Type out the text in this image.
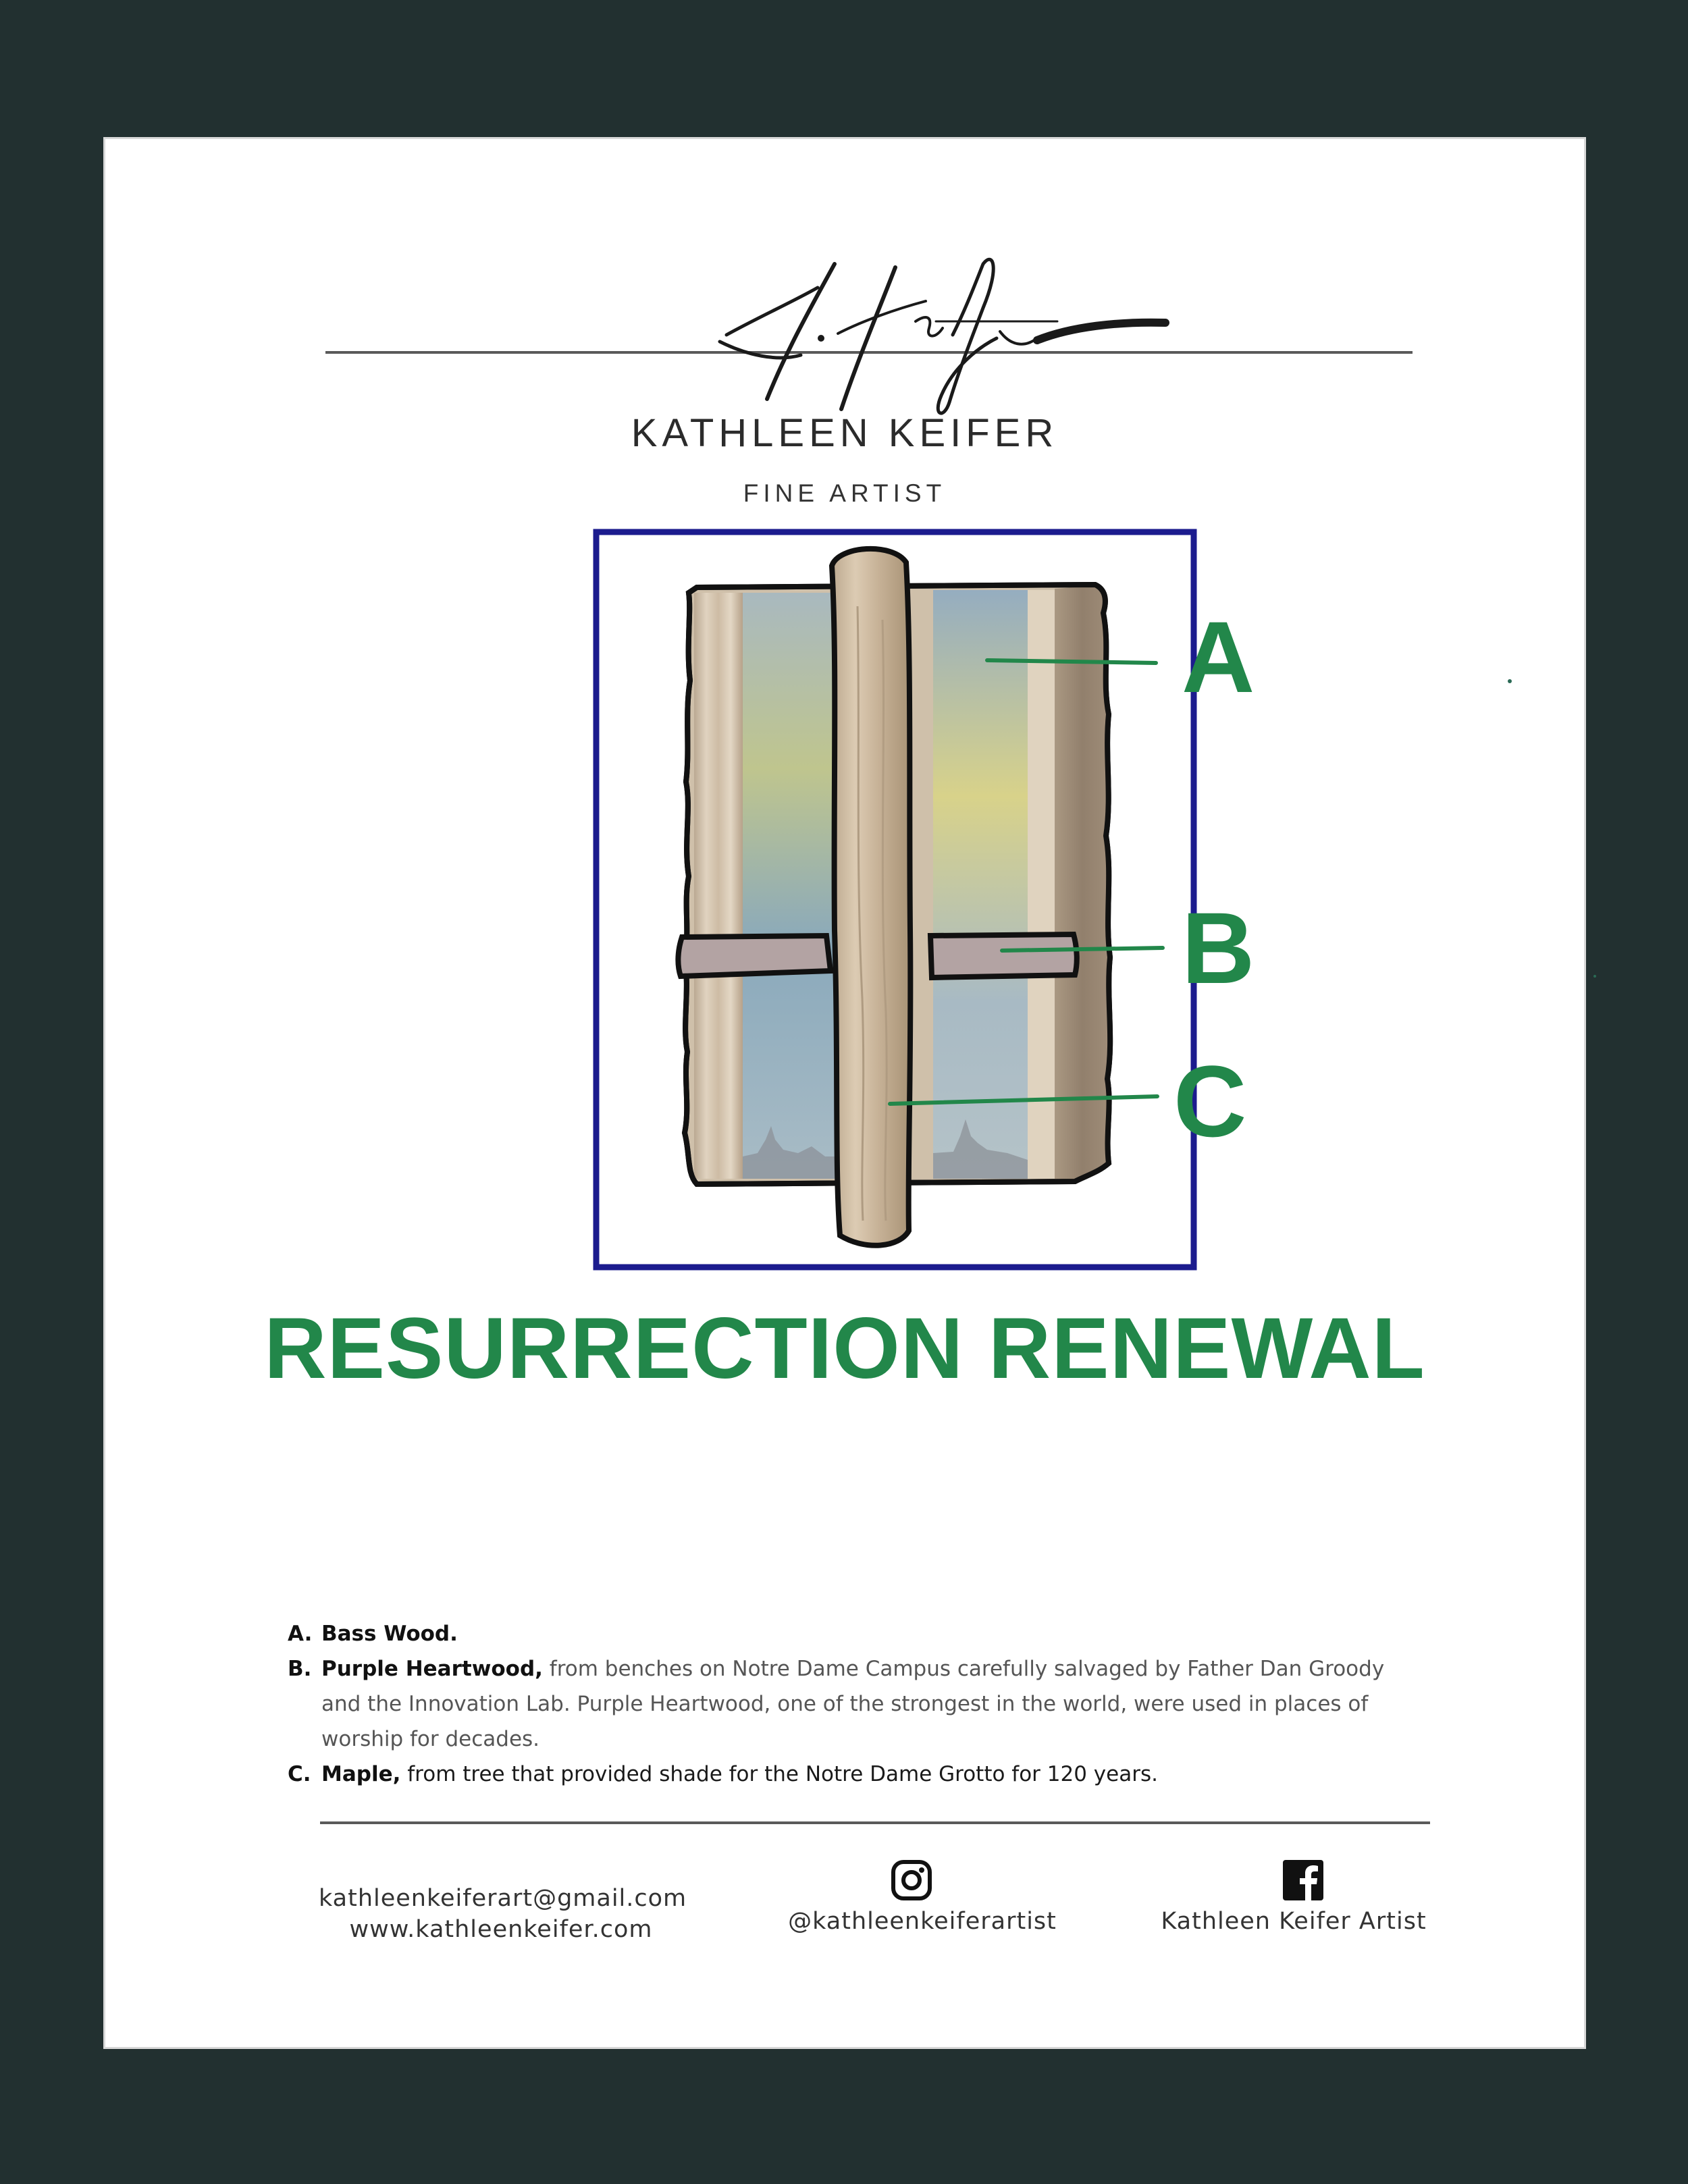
KATHLEEN KEIFER
FINE ARTIST
A
B
C
RESURRECTION RENEWAL
A. Bass Wood.
B. Purple Heartwood, from benches on Notre Dame Campus carefully salvaged by Father Dan Groody and the Innovation Lab. Purple Heartwood, one of the strongest in the world, were used in places of worship for decades.
C. Maple, from tree that provided shade for the Notre Dame Grotto for 120 years.
kathleenkeiferart@gmail.com
www.kathleenkeifer.com	@kathleenkeiferartist	Kathleen Keifer Artist
